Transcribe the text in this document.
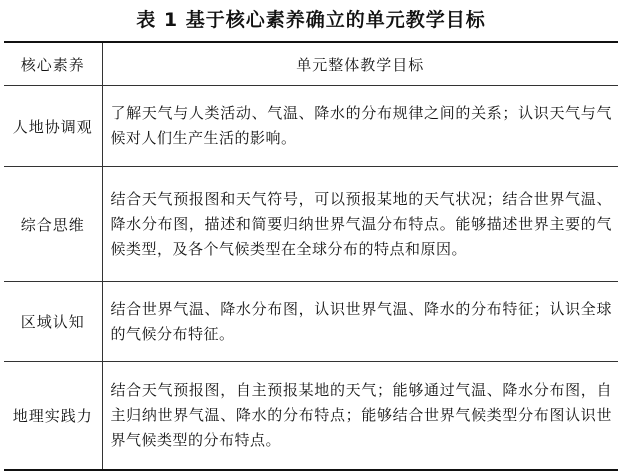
表 1 基于核心素养确立的单元教学目标
核心素养	单元整体教学目标
人地协调观	了解天气与人类活动、气温、降水的分布规律之间的关系；认识天气与气候对人们生产生活的影响。
综合思维	结合天气预报图和天气符号，可以预报某地的天气状况；结合世界气温、降水分布图，描述和简要归纳世界气温分布特点。能够描述世界主要的气候类型，及各个气候类型在全球分布的特点和原因。
区域认知	结合世界气温、降水分布图，认识世界气温、降水的分布特征；认识全球的气候分布特征。
地理实践力	结合天气预报图，自主预报某地的天气；能够通过气温、降水分布图，自主归纳世界气温、降水的分布特点；能够结合世界气候类型分布图认识世界气候类型的分布特点。
